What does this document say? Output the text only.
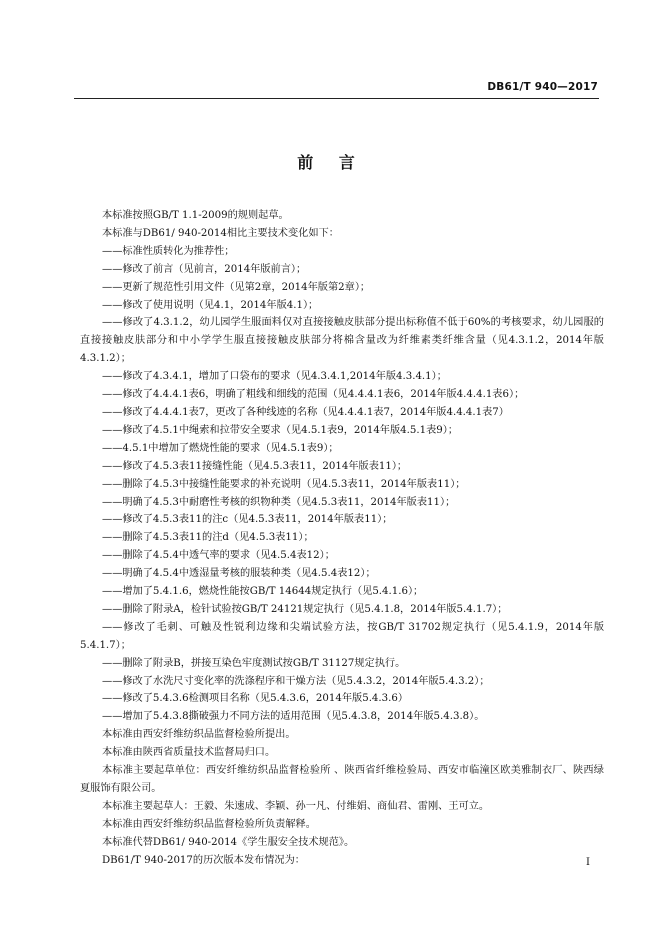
DB61/T 940—2017
前 言

本标准按照GB/T 1.1-2009的规则起草。

本标准与DB61/ 940-2014相比主要技术变化如下：

——标准性质转化为推荐性；

——修改了前言（见前言，2014年版前言）；

——更新了规范性引用文件（见第2章，2014年版第2章）；

——修改了使用说明（见4.1，2014年版4.1）；

——修改了4.3.1.2，幼儿园学生服面料仅对直接接触皮肤部分提出标称值不低于60%的考核要求，幼儿园服的直接接触皮肤部分和中小学学生服直接接触皮肤部分将棉含量改为纤维素类纤维含量（见4.3.1.2，2014年版4.3.1.2）；

——修改了4.3.4.1，增加了口袋布的要求（见4.3.4.1,2014年版4.3.4.1）；

——修改了4.4.4.1表6，明确了粗线和细线的范围（见4.4.4.1表6，2014年版4.4.4.1表6）；

——修改了4.4.4.1表7，更改了各种线迹的名称（见4.4.4.1表7，2014年版4.4.4.1表7）

——修改了4.5.1中绳索和拉带安全要求（见4.5.1表9，2014年版4.5.1表9）；

——4.5.1中增加了燃烧性能的要求（见4.5.1表9）；

——修改了4.5.3表11接缝性能（见4.5.3表11，2014年版表11）；

——删除了4.5.3中接缝性能要求的补充说明（见4.5.3表11，2014年版表11）；

——明确了4.5.3中耐磨性考核的织物种类（见4.5.3表11，2014年版表11）；

——修改了4.5.3表11的注c（见4.5.3表11，2014年版表11）；

——删除了4.5.3表11的注d（见4.5.3表11）；

——删除了4.5.4中透气率的要求（见4.5.4表12）；

——明确了4.5.4中透湿量考核的服装种类（见4.5.4表12）；

——增加了5.4.1.6，燃烧性能按GB/T 14644规定执行（见5.4.1.6）；

——删除了附录A，检针试验按GB/T 24121规定执行（见5.4.1.8，2014年版5.4.1.7）；

——修改了毛刺、可触及性锐利边缘和尖端试验方法，按GB/T 31702规定执行（见5.4.1.9，2014年版5.4.1.7）；

——删除了附录B，拼接互染色牢度测试按GB/T 31127规定执行。

——修改了水洗尺寸变化率的洗涤程序和干燥方法（见5.4.3.2，2014年版5.4.3.2）；

——修改了5.4.3.6检测项目名称（见5.4.3.6，2014年版5.4.3.6）

——增加了5.4.3.8撕破强力不同方法的适用范围（见5.4.3.8，2014年版5.4.3.8）。

本标准由西安纤维纺织品监督检验所提出。

本标准由陕西省质量技术监督局归口。

本标准主要起草单位：西安纤维纺织品监督检验所 、陕西省纤维检验局、西安市临潼区欧美雅制衣厂、陕西绿夏服饰有限公司。

本标准主要起草人：王毅、朱速成、李颖、孙一凡、付维娟、商仙君、雷刚、王可立。

本标准由西安纤维纺织品监督检验所负责解释。

本标准代替DB61/ 940-2014《学生服安全技术规范》。

DB61/T 940-2017的历次版本发布情况为：	I
